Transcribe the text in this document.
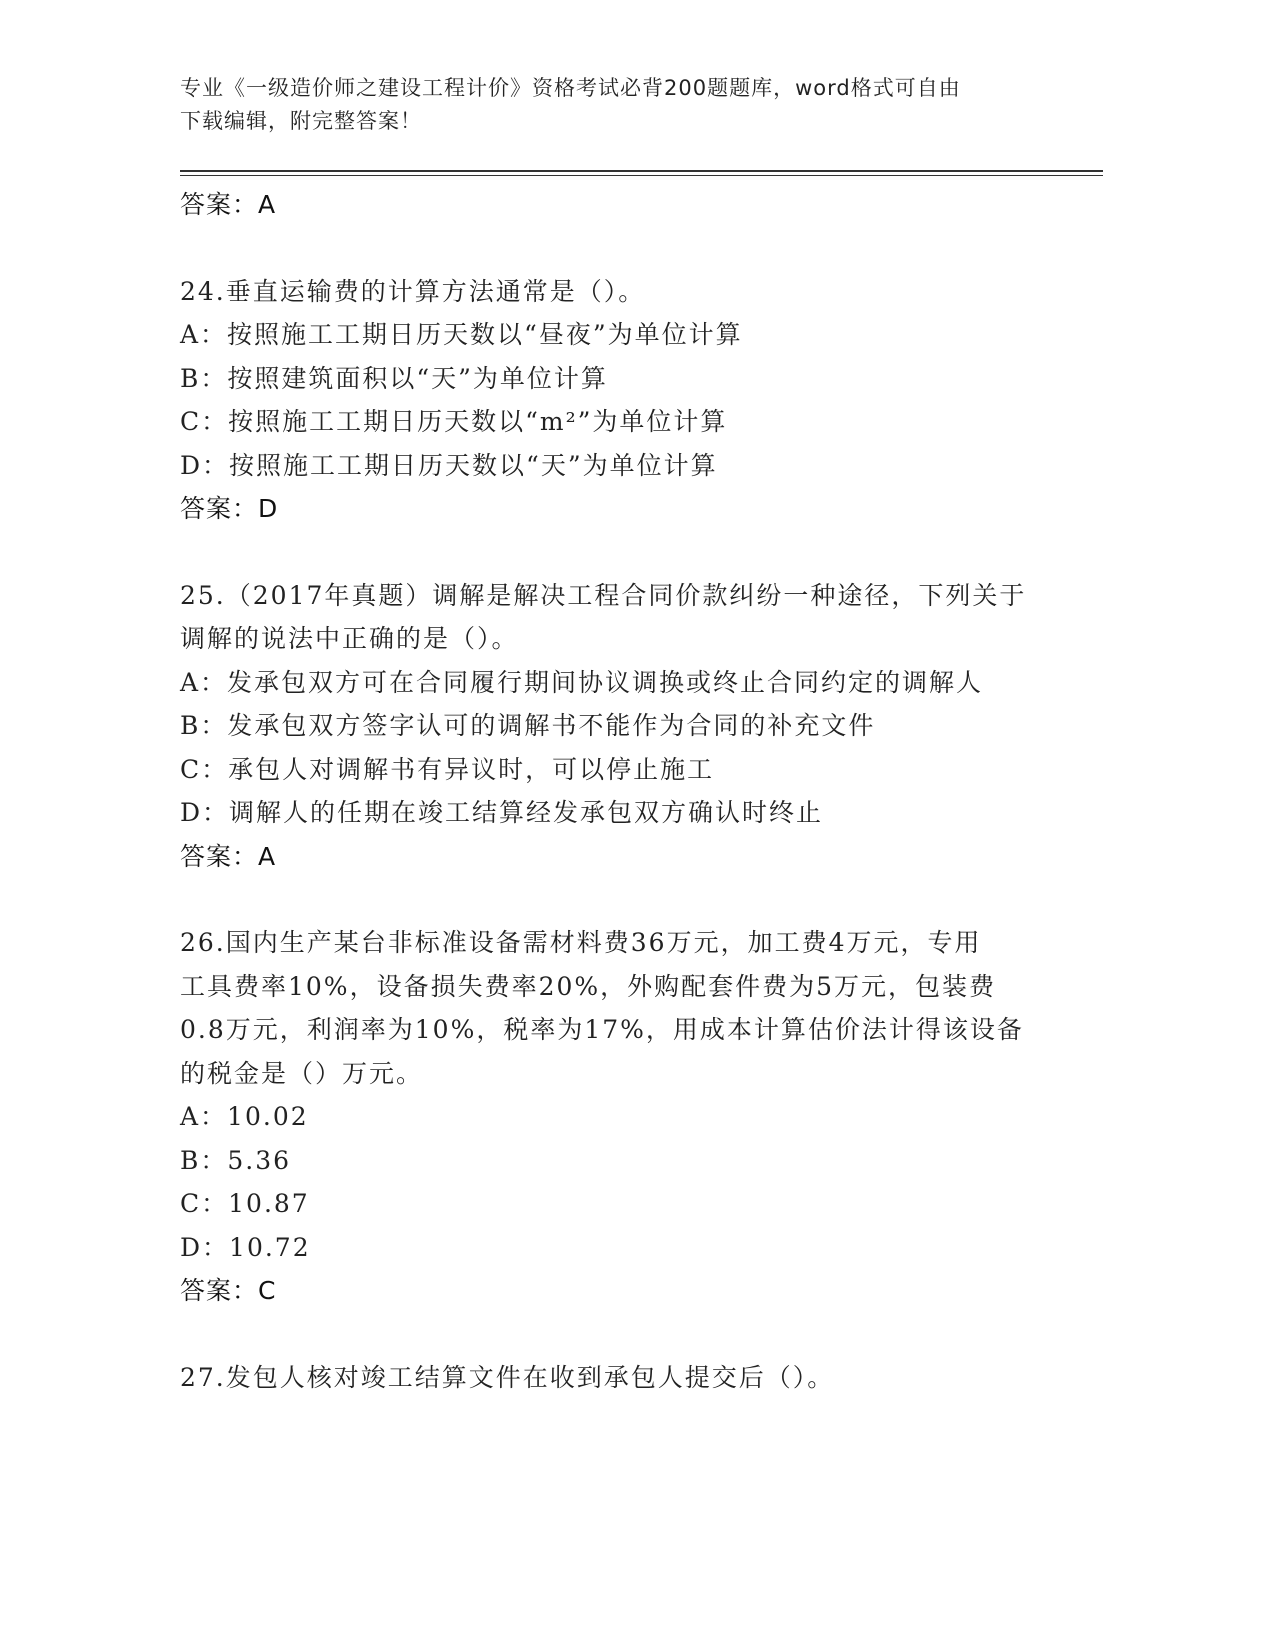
专业《一级造价师之建设工程计价》资格考试必背200题题库，word格式可自由
下载编辑，附完整答案！
答案：A
24.垂直运输费的计算方法通常是（）。
A：按照施工工期日历天数以“昼夜”为单位计算
B：按照建筑面积以“天”为单位计算
C：按照施工工期日历天数以“m²”为单位计算
D：按照施工工期日历天数以“天”为单位计算
答案：D
25.（2017年真题）调解是解决工程合同价款纠纷一种途径，下列关于
调解的说法中正确的是（）。
A：发承包双方可在合同履行期间协议调换或终止合同约定的调解人
B：发承包双方签字认可的调解书不能作为合同的补充文件
C：承包人对调解书有异议时，可以停止施工
D：调解人的任期在竣工结算经发承包双方确认时终止
答案：A
26.国内生产某台非标准设备需材料费36万元，加工费4万元，专用
工具费率10%，设备损失费率20%，外购配套件费为5万元，包装费
0.8万元，利润率为10%，税率为17%，用成本计算估价法计得该设备
的税金是（）万元。
A：10.02
B：5.36
C：10.87
D：10.72
答案：C
27.发包人核对竣工结算文件在收到承包人提交后（）。
